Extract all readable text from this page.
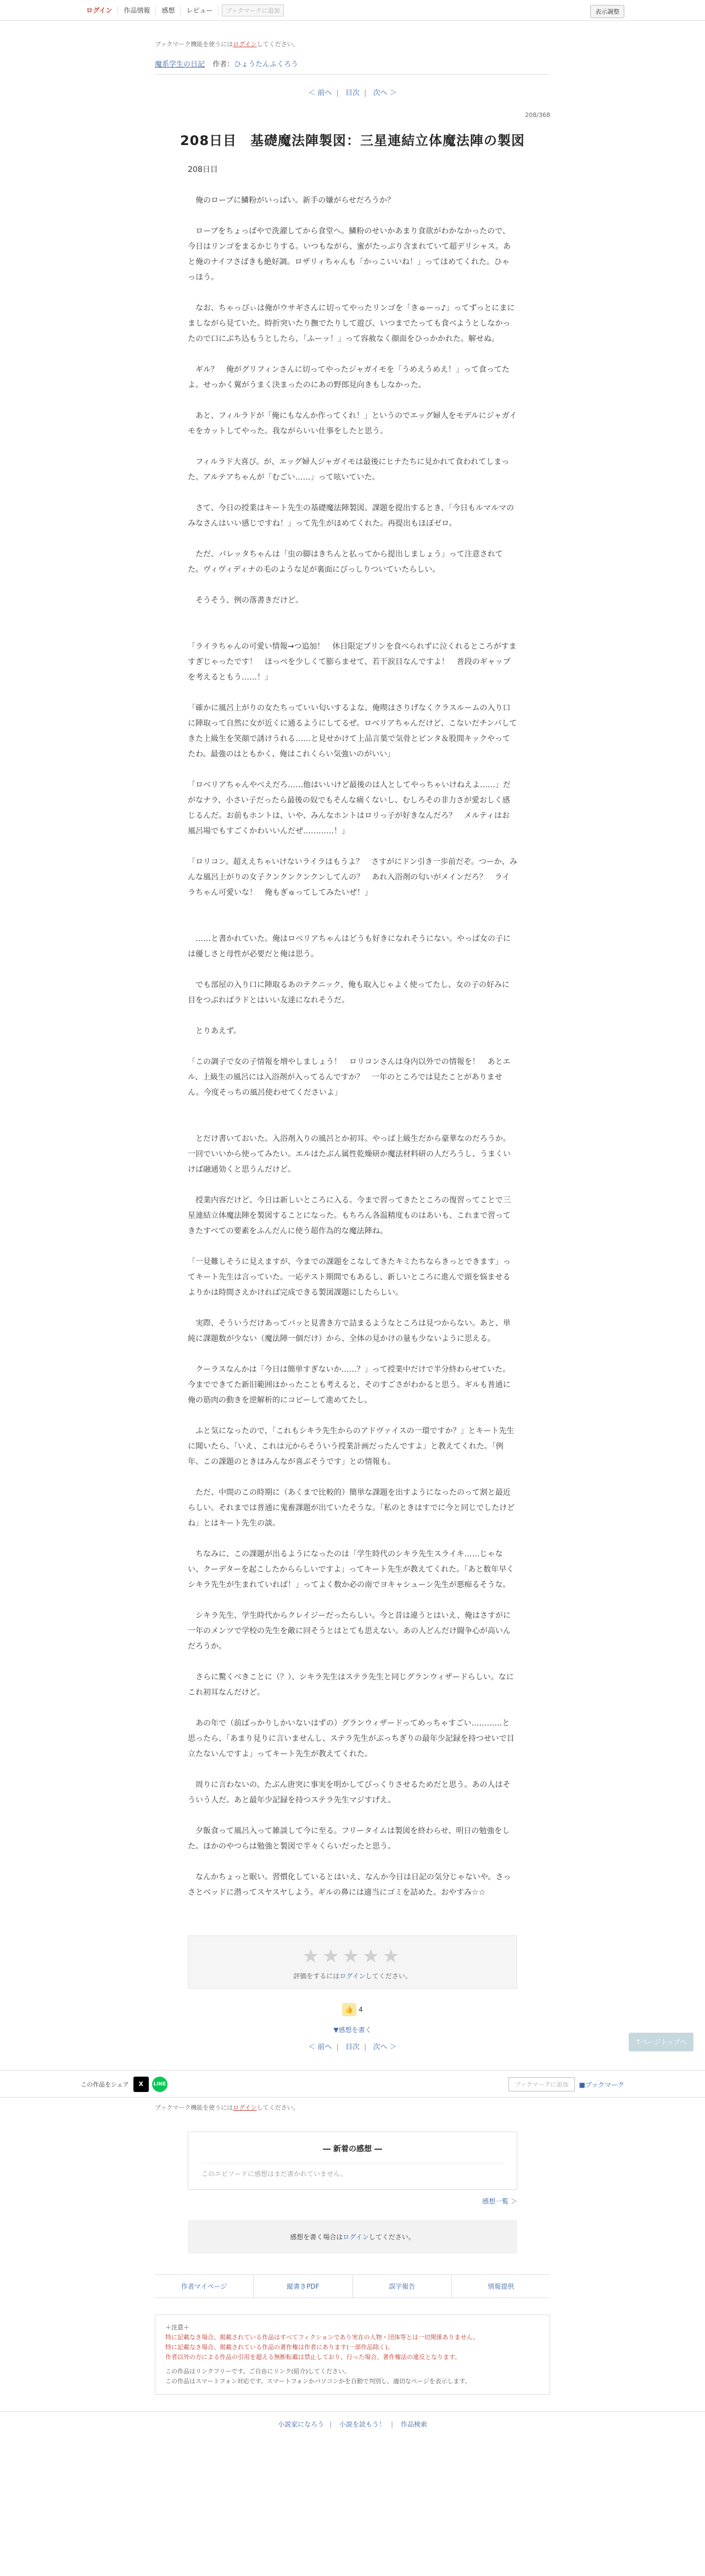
ログイン	作品情報	感想	レビュー	ブックマークに追加	表示調整
ブックマーク機能を使うにはログインしてください。
魔系学生の日記 作者：ひょうたんふくろう
＜ 前へ | 目次 | 次へ ＞
208/368
208日目　基礎魔法陣製図：三星連結立体魔法陣の製図
208日目
　俺のローブに鱗粉がいっぱい。新手の嫌がらせだろうか？
　ローブをちょっぱやで洗濯してから食堂へ。鱗粉のせいかあまり食欲がわかなかったので、今日はリンゴをまるかじりする。いつもながら、蜜がたっぷり含まれていて超デリシャス。あと俺のナイフさばきも絶好調。ロザリィちゃんも「かっこいいね！」ってほめてくれた。ひゃっほう。
　なお、ちゃっぴぃは俺がウサギさんに切ってやったリンゴを「きゅーっ♪」ってずっとにまにましながら見ていた。時折突いたり撫でたりして遊び、いつまでたっても食べようとしなかったので口にぶち込もうとしたら、「ふーッ！」って容赦なく顔面をひっかかれた。解せぬ。
　ギル？　俺がグリフィンさんに切ってやったジャガイモを「うめえうめえ！」って食ってたよ。せっかく翼がうまく決まったのにあの野郎見向きもしなかった。
　あと、フィルラドが「俺にもなんか作ってくれ！」というのでエッグ婦人をモデルにジャガイモをカットしてやった。我ながらいい仕事をしたと思う。
　フィルラド大喜び。が、エッグ婦人ジャガイモは最後にヒナたちに見かれて食われてしまった。アルテアちゃんが「むごい……」って呟いていた。
　さて、今日の授業はキート先生の基礎魔法陣製図。課題を提出するとき、「今日もルマルマのみなさんはいい感じですね！」って先生がほめてくれた。再提出もほぼゼロ。
　ただ、パレッタちゃんは「虫の脚はきちんと払ってから提出しましょう」って注意されてた。ヴィヴィディナの毛のような足が裏面にびっしりついていたらしい。
　そうそう、例の落書きだけど。
「ライラちゃんの可愛い情報→つ追加！　休日限定プリンを食べられずに泣くれるところがすますぎじゃったです！　ほっぺを少しくて膨らませて、若干涙目なんですよ！　普段のギャップを考えるともう……！」
「確かに風呂上がりの女たちっていい匂いするよな。俺喫はさりげなくクラスルームの入り口に陣取って自然に女が近くに通るようにしてるぜ。ロベリアちゃんだけど、こないだチンパしてきた上級生を笑顔で誘けうれる……と見せかけて上品言葉で気骨とビンタ＆股間キックやってたわ。最強のはともかく、俺はこれくらい気強いのがいい」
「ロベリアちゃんやべえだろ……他はいいけど最後のは人としてやっちゃいけねえよ……」だがなナラ、小さい子だったら最後の奴でもそんな痛くないし、むしろその非力さが愛おしく感じるんだ。お前もホントは、いや、みんなホントはロリっ子が好きなんだろ？　メルティはお風呂場でもすごくかわいいんだぜ…………！」
「ロリコン。超ええちゃいけないライラはもうよ？　さすがにドン引き一歩前だぞ。つーか、みんな風呂上がりの女子クンクンクンクンしてんの？　あれ入浴剤の匂いがメインだろ？　ライラちゃん可愛いな！　俺もぎゅってしてみたいぜ！」
　……と書かれていた。俺はロベリアちゃんはどうも好きになれそうにない。やっぱ女の子には優しさと母性が必要だと俺は思う。
　でも部屋の入り口に陣取るあのテクニック、俺も取入じゃよく使ってたし、女の子の好みに目をつぶればラドとはいい友達になれそうだ。
　とりあえず。
「この調子で女の子情報を増やしましょう！　ロリコンさんは身内以外での情報を！　あとエル、上級生の風呂には入浴剤が入ってるんですか？　一年のところでは見たことがありません。今度そっちの風呂使わせてくださいよ」
　とだけ書いておいた。入浴剤入りの風呂とか初耳。やっぱ上級生だから豪華なのだろうか。一回でいいから使ってみたい。エルはたぶん属性乾燥研か魔法材料研の人だろうし、うまくいけば融通効くと思うんだけど。
　授業内容だけど、今日は新しいところに入る。今まで習ってきたところの復習ってことで三星連結立体魔法陣を製図することになった。もちろん各温精度ものはあいも、これまで習ってきたすべての要素をふんだんに使う超作為的な魔法陣ね。
「一見難しそうに見えますが、今までの課題をこなしてきたキミたちならきっとできます」ってキート先生は言っていた。一応テスト期間でもあるし、新しいところに進んで頭を悩ませるよりかは時間さえかければ完成できる製図課題にしたらしい。
　実際、そういうだけあってパッと見書き方で詰まるようなところは見つからない。あと、単純に課題数が少ない（魔法陣一個だけ）から、全体の見かけの量も少ないように思える。
　クーラスなんかは「今日は簡単すぎないか……？」って授業中だけで半分終わらせていた。今までできてた新旧範囲ほかったことも考えると、そのすごさがわかると思う。ギルも普通に俺の筋肉の動きを逆解析的にコピーして進めてたし。
　ふと気になったので、「これもシキラ先生からのアドヴァイスの一環ですか？」とキート先生に聞いたら、「いえ、これは元からそういう授業計画だったんですよ」と教えてくれた。「例年、この課題のときはみんなが喜ぶそうです」との情報も。
　ただ、中間のこの時期に（あくまで比較的）簡単な課題を出すようになったのって割と最近らしい。それまでは普通に鬼畜課題が出ていたそうな。「私のときはすでに今と同じでしたけどね」とはキート先生の談。
　ちなみに、この課題が出るようになったのは「学生時代のシキラ先生スライキ……じゃない、クーデターを起こしたかららしいですよ」ってキート先生が教えてくれた。「あと数年早くシキラ先生が生まれていれば！」ってよく数か必の南でヨキャシューン先生が悪痴るそうな。
　シキラ先生、学生時代からクレイジーだったらしい。今と昔は違うとはいえ、俺はさすがに一年のメンツで学校の先生を敵に回そうとはとても思えない。あの人どんだけ闘争心が高いんだろうか。
　さらに驚くべきことに（？）、シキラ先生はステラ先生と同じグランウィザードらしい。なにこれ初耳なんだけど。
　あの年で（前ばっかりしかいないはずの）グランウィザードってめっちゃすごい…………と思ったら、「あまり見りに言いませんし、ステラ先生がぶっちぎりの最年少記録を持つせいで目立たないんですよ」ってキート先生が教えてくれた。
　周りに言わないの、たぶん唐突に事実を明かしてびっくりさせるためだと思う。あの人はそういう人だ。あと最年少記録を持つステラ先生マジすげえ。
　夕飯食って風呂入って雑談して今に至る。フリータイムは製図を終わらせ、明日の勉強をした。ほかのやつらは勉強と製図で半々くらいだったと思う。
　なんかちょっと眠い。習慣化しているとはいえ、なんか今日は日記の気分じゃないや。さっさとベッドに潜ってスヤスヤしよう。ギルの鼻には適当にゴミを詰めた。おやすみ☆☆
★★★★★
評価をするにはログインしてください。
👍 4
▼感想を書く
＜ 前へ | 目次 | 次へ ＞
この作品をシェア	X	LINE	ブックマークに追加	■ブックマーク
ブックマーク機能を使うにはログインしてください。
― 新着の感想 ―
このエピソードに感想はまだ書かれていません。
感想一覧 ＞
感想を書く場合はログインしてください。
作者マイページ	縦書きPDF	誤字報告	情報提供
＋注意＋
特に記載なき場合、掲載されている作品はすべてフィクションであり実在の人物・団体等とは一切関係ありません。
特に記載なき場合、掲載されている作品の著作権は作者にあります(一部作品除く)。
作者以外の方による作品の引用を超える無断転載は禁止しており、行った場合、著作権法の違反となります。
この作品はリンクフリーです。ご自由にリンク(紹介)してください。
この作品はスマートフォン対応です。スマートフォンかパソコンかを自動で判別し、適切なページを表示します。
小説家になろう | 小説を読もう！ | 作品検索
↑ページトップへ
